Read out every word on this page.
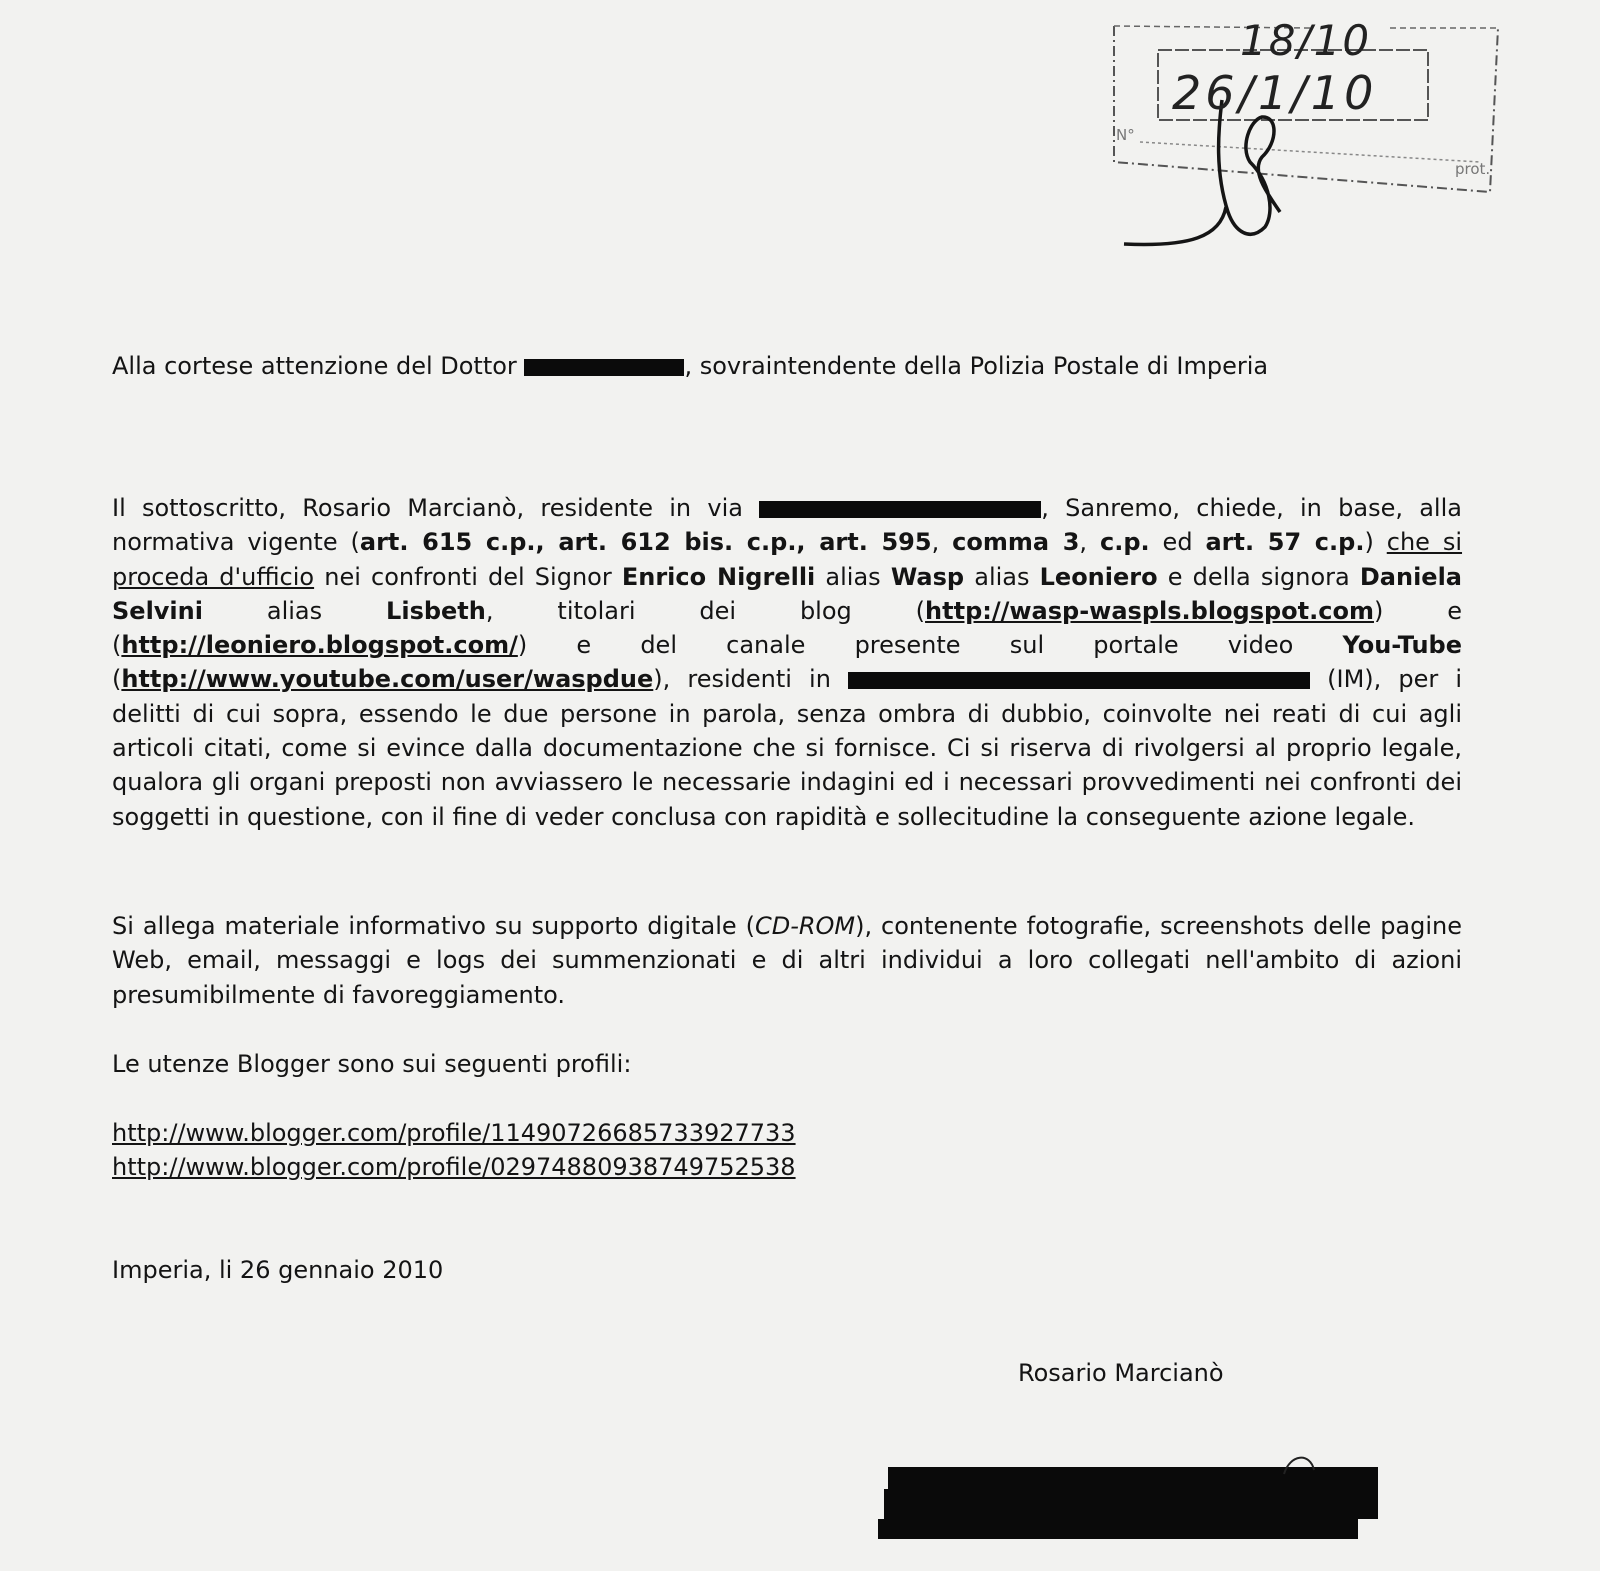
N°
prot.
18/10
26/1/10
Alla cortese attenzione del Dottor	, sovraintendente della Polizia Postale di Imperia
Il sottoscritto, Rosario Marcianò, residente in via	, Sanremo, chiede, in base, alla normativa vigente (art. 615 c.p., art. 612 bis. c.p., art. 595, comma 3, c.p. ed art. 57 c.p.) che si proceda d'ufficio nei confronti del Signor Enrico Nigrelli alias Wasp alias Leoniero e della signora Daniela Selvini alias Lisbeth, titolari dei blog (http://wasp-waspls.blogspot.com) e (http://leoniero.blogspot.com/) e del canale presente sul portale video You-Tube (http://www.youtube.com/user/waspdue), residenti in	(IM), per i delitti di cui sopra, essendo le due persone in parola, senza ombra di dubbio, coinvolte nei reati di cui agli articoli citati, come si evince dalla documentazione che si fornisce. Ci si riserva di rivolgersi al proprio legale, qualora gli organi preposti non avviassero le necessarie indagini ed i necessari provvedimenti nei confronti dei soggetti in questione, con il fine di veder conclusa con rapidità e sollecitudine la conseguente azione legale.
Si allega materiale informativo su supporto digitale (CD-ROM), contenente fotografie, screenshots delle pagine Web, email, messaggi e logs dei summenzionati e di altri individui a loro collegati nell'ambito di azioni presumibilmente di favoreggiamento.
Le utenze Blogger sono sui seguenti profili:
http://www.blogger.com/profile/11490726685733927733
http://www.blogger.com/profile/02974880938749752538
Imperia, li 26 gennaio 2010
Rosario Marcianò
